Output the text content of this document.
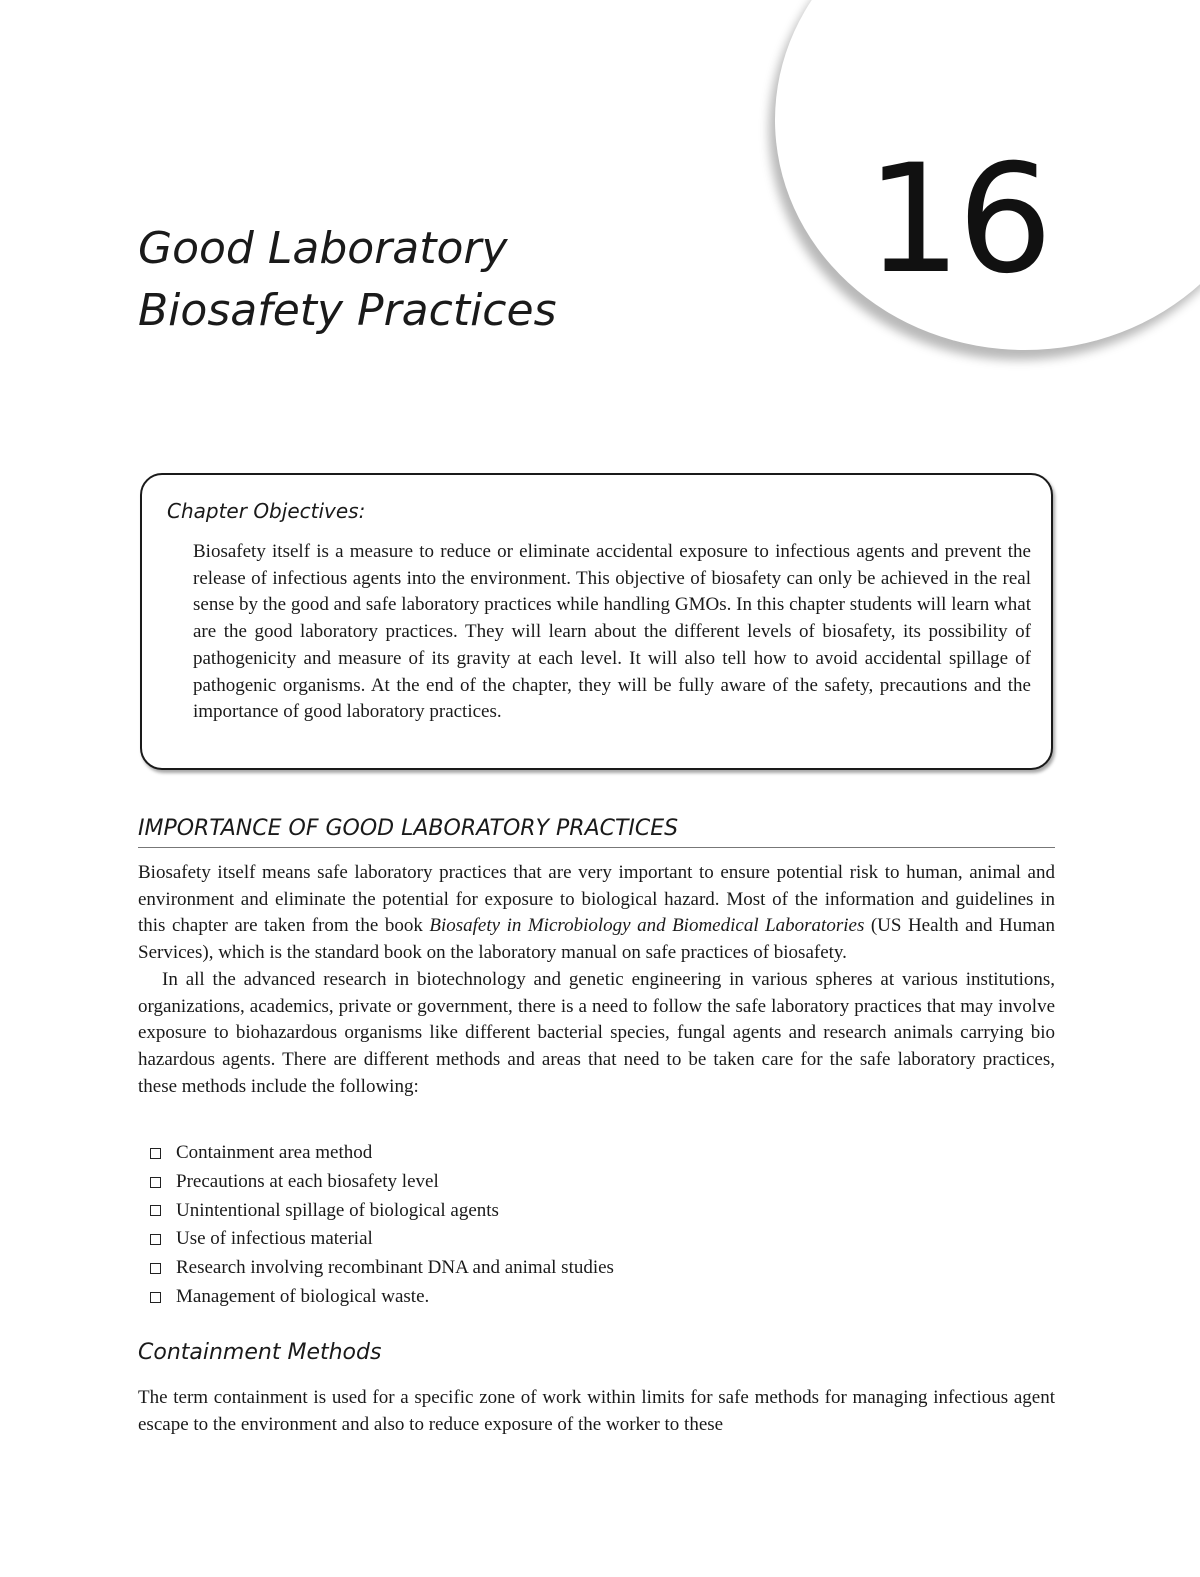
16
Good Laboratory
Biosafety Practices
Chapter Objectives:

Biosafety itself is a measure to reduce or eliminate accidental exposure to infectious agents and prevent the release of infectious agents into the environment. This objective of biosafety can only be achieved in the real sense by the good and safe laboratory practices while handling GMOs. In this chapter students will learn what are the good laboratory practices. They will learn about the different levels of biosafety, its possibility of pathogenicity and measure of its gravity at each level. It will also tell how to avoid accidental spillage of pathogenic organisms. At the end of the chapter, they will be fully aware of the safety, precautions and the importance of good laboratory practices.

IMPORTANCE OF GOOD LABORATORY PRACTICES

Biosafety itself means safe laboratory practices that are very important to ensure potential risk to human, animal and environment and eliminate the potential for exposure to biological hazard. Most of the information and guidelines in this chapter are taken from the book Biosafety in Microbiology and Biomedical Laboratories (US Health and Human Services), which is the standard book on the laboratory manual on safe practices of biosafety.

In all the advanced research in biotechnology and genetic engineering in various spheres at various institutions, organizations, academics, private or government, there is a need to follow the safe laboratory practices that may involve exposure to biohazardous organisms like different bacterial species, fungal agents and research animals carrying bio hazardous agents. There are different methods and areas that need to be taken care for the safe laboratory practices, these methods include the following:

Containment area method
Precautions at each biosafety level
Unintentional spillage of biological agents
Use of infectious material
Research involving recombinant DNA and animal studies
Management of biological waste.
Containment Methods

The term containment is used for a specific zone of work within limits for safe methods for managing infectious agent escape to the environment and also to reduce exposure of the worker to these
